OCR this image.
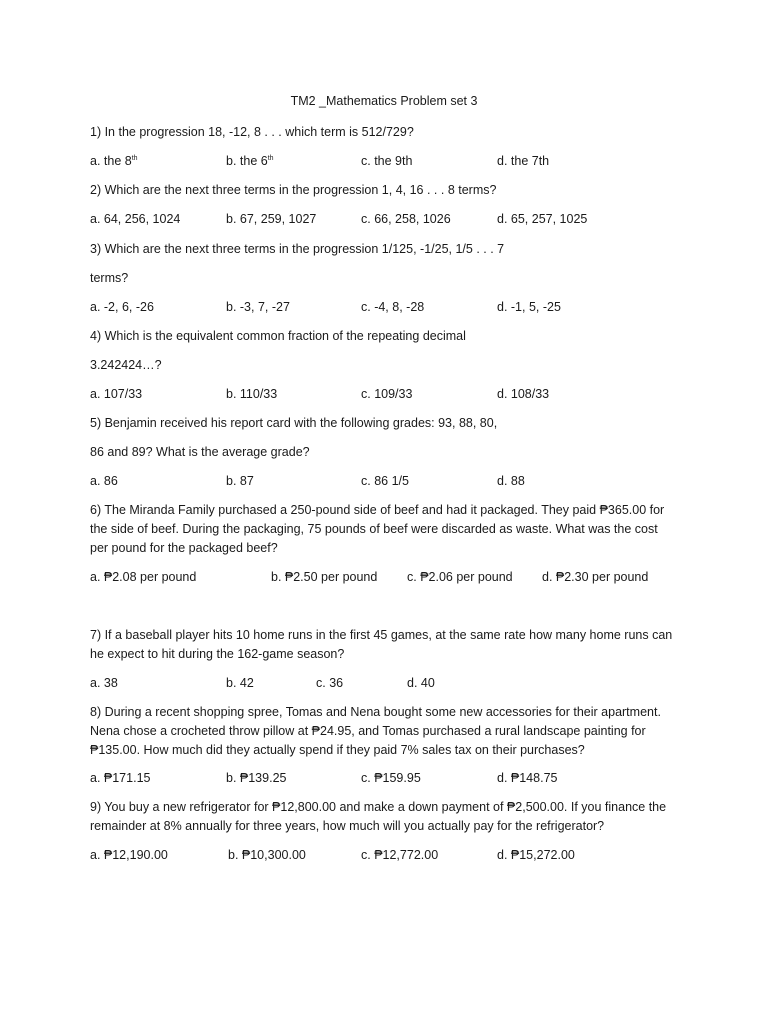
TM2 _Mathematics Problem set 3
1) In the progression 18, -12, 8 . . . which term is 512/729?
a. the 8th	b. the 6th	c. the 9th	d. the 7th
2) Which are the next three terms in the progression 1, 4, 16 . . . 8 terms?
a. 64, 256, 1024	b. 67, 259, 1027	c. 66, 258, 1026	d. 65, 257, 1025
3) Which are the next three terms in the progression 1/125, -1/25, 1/5 . . . 7
terms?
a. -2, 6, -26	b. -3, 7, -27	c. -4, 8, -28	d. -1, 5, -25
4) Which is the equivalent common fraction of the repeating decimal
3.242424…?
a. 107/33	b. 110/33	c. 109/33	d. 108/33
5) Benjamin received his report card with the following grades: 93, 88, 80,
86 and 89? What is the average grade?
a. 86	b. 87	c. 86 1/5	d. 88
6) The Miranda Family purchased a 250-pound side of beef and had it packaged. They paid ₱365.00 for
the side of beef. During the packaging, 75 pounds of beef were discarded as waste. What was the cost
per pound for the packaged beef?
a. ₱2.08 per pound	b. ₱2.50 per pound c. ₱2.06 per pound d. ₱2.30 per pound
7) If a baseball player hits 10 home runs in the first 45 games, at the same rate how many home runs can
he expect to hit during the 162-game season?
a. 38	b. 42	c. 36	d. 40
8) During a recent shopping spree, Tomas and Nena bought some new accessories for their apartment.
Nena chose a crocheted throw pillow at ₱24.95, and Tomas purchased a rural landscape painting for
₱135.00. How much did they actually spend if they paid 7% sales tax on their purchases?
a. ₱171.15	b. ₱139.25	c. ₱159.95	d. ₱148.75
9) You buy a new refrigerator for ₱12,800.00 and make a down payment of ₱2,500.00. If you finance the
remainder at 8% annually for three years, how much will you actually pay for the refrigerator?
a. ₱12,190.00	b. ₱10,300.00	c. ₱12,772.00	d. ₱15,272.00
